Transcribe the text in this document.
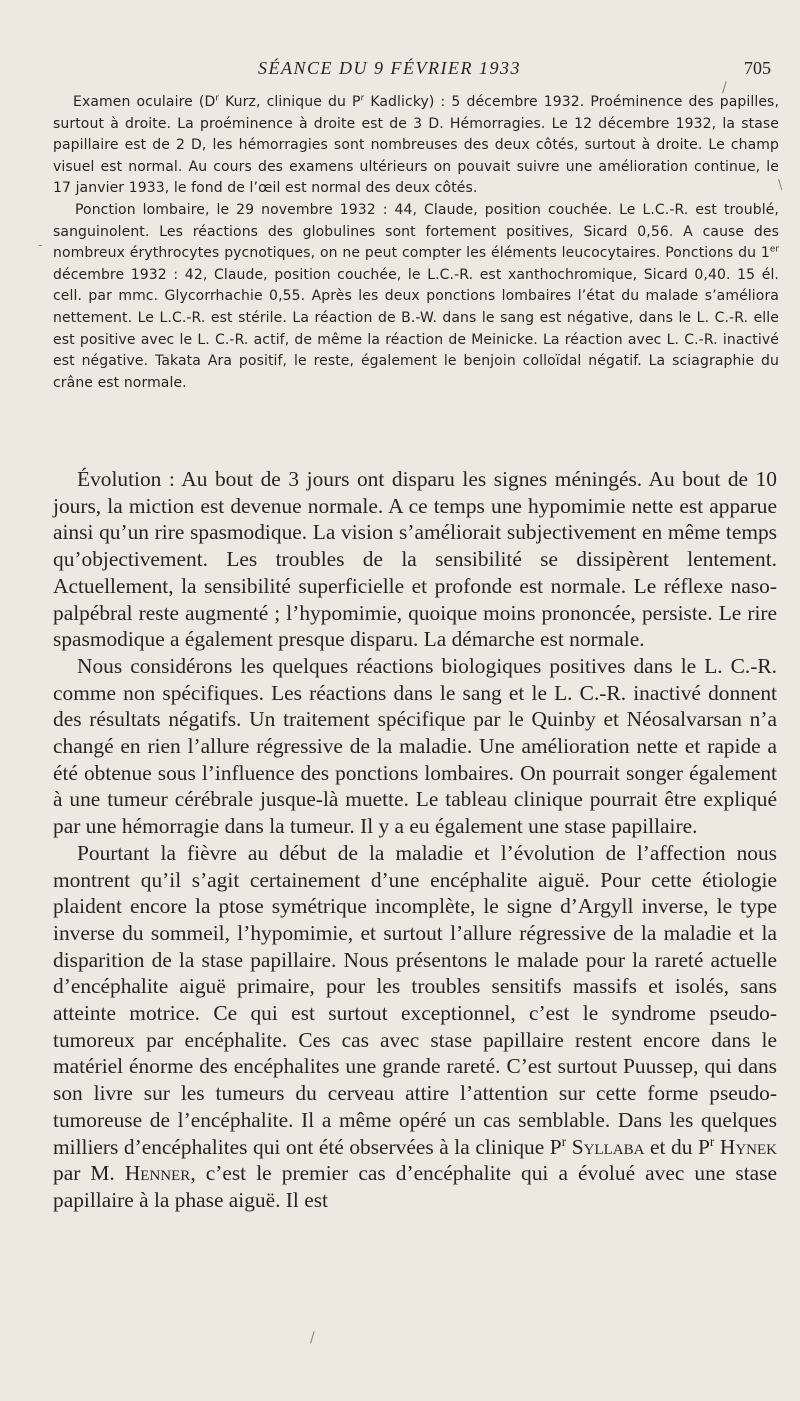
SÉANCE DU 9 FÉVRIER 1933	705

Examen oculaire ($D^r$ Kurz, clinique du $P^r$ Kadlicky) : 5 décembre 1932. Proéminence des papilles, surtout à droite. La proéminence à droite est de 3 D. Hémorragies. Le 12 décembre 1932, la stase papillaire est de 2 D, les hémorragies sont nombreuses des deux côtés, surtout à droite. Le champ visuel est normal. Au cours des examens ultérieurs on pouvait suivre une amélioration continue, le 17 janvier 1933, le fond de l’œil est normal des deux côtés.

Ponction lombaire, le 29 novembre 1932 : 44, Claude, position couchée. Le L.C.-R. est troublé, sanguinolent. Les réactions des globulines sont fortement positives, Sicard 0,56. A cause des nombreux érythrocytes pycnotiques, on ne peut compter les éléments leucocytaires. Ponctions du 1er décembre 1932 : 42, Claude, position couchée, le L.C.-R. est xanthochromique, Sicard 0,40. 15 él. cell. par mmc. Glycorrhachie 0,55. Après les deux ponctions lombaires l’état du malade s’améliora nettement. Le L.C.-R. est stérile. La réaction de B.-W. dans le sang est négative, dans le L. C.-R. elle est positive avec le L. C.-R. actif, de même la réaction de Meinicke. La réaction avec L. C.-R. inactivé est négative. Takata Ara positif, le reste, également le benjoin colloïdal négatif. La sciagraphie du crâne est normale.

Évolution : Au bout de 3 jours ont disparu les signes méningés. Au bout de 10 jours, la miction est devenue normale. A ce temps une hypomimie nette est apparue ainsi qu’un rire spasmodique. La vision s’améliorait subjectivement en même temps qu’objectivement. Les troubles de la sensibilité se dissipèrent lentement. Actuellement, la sensibilité superficielle et profonde est normale. Le réflexe naso-palpébral reste augmenté ; l’hypomimie, quoique moins prononcée, persiste. Le rire spasmodique a également presque disparu. La démarche est normale.

Nous considérons les quelques réactions biologiques positives dans le L. C.-R. comme non spécifiques. Les réactions dans le sang et le L. C.-R. inactivé donnent des résultats négatifs. Un traitement spécifique par le Quinby et Néosalvarsan n’a changé en rien l’allure régressive de la maladie. Une amélioration nette et rapide a été obtenue sous l’influence des ponctions lombaires. On pourrait songer également à une tumeur cérébrale jusque-là muette. Le tableau clinique pourrait être expliqué par une hémorragie dans la tumeur. Il y a eu également une stase papillaire.

Pourtant la fièvre au début de la maladie et l’évolution de l’affection nous montrent qu’il s’agit certainement d’une encéphalite aiguë. Pour cette étiologie plaident encore la ptose symétrique incomplète, le signe d’Argyll inverse, le type inverse du sommeil, l’hypomimie, et surtout l’allure régressive de la maladie et la disparition de la stase papillaire. Nous présentons le malade pour la rareté actuelle d’encéphalite aiguë primaire, pour les troubles sensitifs massifs et isolés, sans atteinte motrice. Ce qui est surtout exceptionnel, c’est le syndrome pseudo-tumoreux par encéphalite. Ces cas avec stase papillaire restent encore dans le matériel énorme des encéphalites une grande rareté. C’est surtout Puussep, qui dans son livre sur les tumeurs du cerveau attire l’attention sur cette forme pseudo-tumoreuse de l’encéphalite. Il a même opéré un cas semblable. Dans les quelques milliers d’encéphalites qui ont été observées à la clinique $P^r$ Syllaba et du $P^r$ Hynek par M. Henner, c’est le premier cas d’encéphalite qui a évolué avec une stase papillaire à la phase aiguë. Il est

/
-
\
/
